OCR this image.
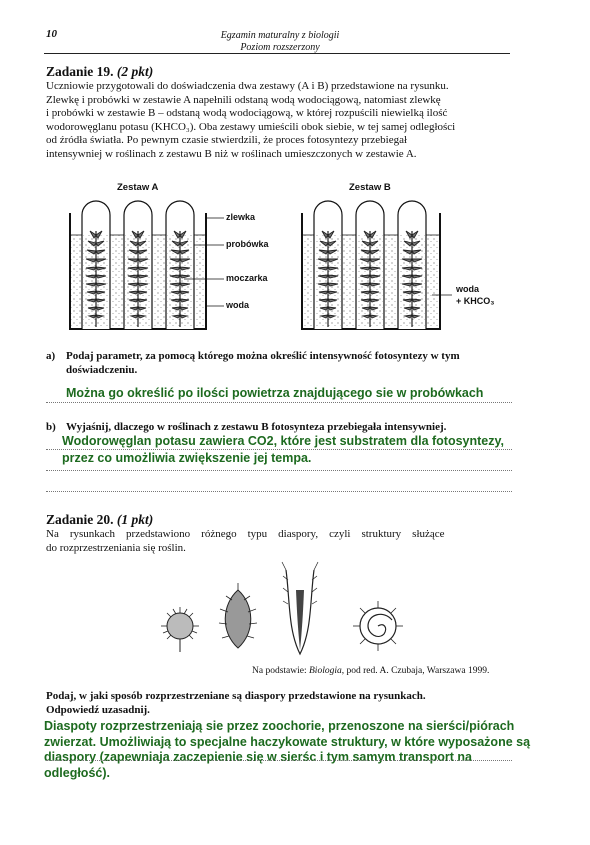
10	Egzamin maturalny z biologii
Poziom rozszerzony
Zadanie 19. (2 pkt)
Uczniowie przygotowali do doświadczenia dwa zestawy (A i B) przedstawione na rysunku.
Zlewkę i probówki w zestawie A napełnili odstaną wodą wodociągową, natomiast zlewkę
i probówki w zestawie B – odstaną wodą wodociągową, w której rozpuścili niewielką ilość
wodorowęglanu potasu (KHCO₃). Oba zestawy umieścili obok siebie, w tej samej odległości
od źródła światła. Po pewnym czasie stwierdzili, że proces fotosyntezy przebiegał
intensywniej w roślinach z zestawu B niż w roślinach umieszczonych w zestawie A.
Zestaw A	Zestaw B
zlewka
probówka
moczarka
woda
woda
+ KHCO₃
a) Podaj parametr, za pomocą którego można określić intensywność fotosyntezy w tym
doświadczeniu.
Można go określić po ilości powietrza znajdującego sie w probówkach
b) Wyjaśnij, dlaczego w roślinach z zestawu B fotosynteza przebiegała intensywniej.
Wodorowęglan potasu zawiera CO2, które jest substratem dla fotosyntezy,
przez co umożliwia zwiększenie jej tempa.
Zadanie 20. (1 pkt)
Na    rysunkach    przedstawiono    różnego    typu    diaspory,    czyli    struktury    służące
do rozprzestrzeniania się roślin.
Na podstawie: Biologia, pod red. A. Czubaja, Warszawa 1999.
Podaj, w jaki sposób rozprzestrzeniane są diaspory przedstawione na rysunkach.
Odpowiedź uzasadnij.
Diaspoty rozprzestrzeniają sie przez zoochorie, przenoszone na sierści/piórach
zwierzat. Umożliwiają to specjalne haczykowate struktury, w które wyposażone są
diaspory (zapewniaja zaczepienie się w sierśc i tym samym transport na
odległość).
